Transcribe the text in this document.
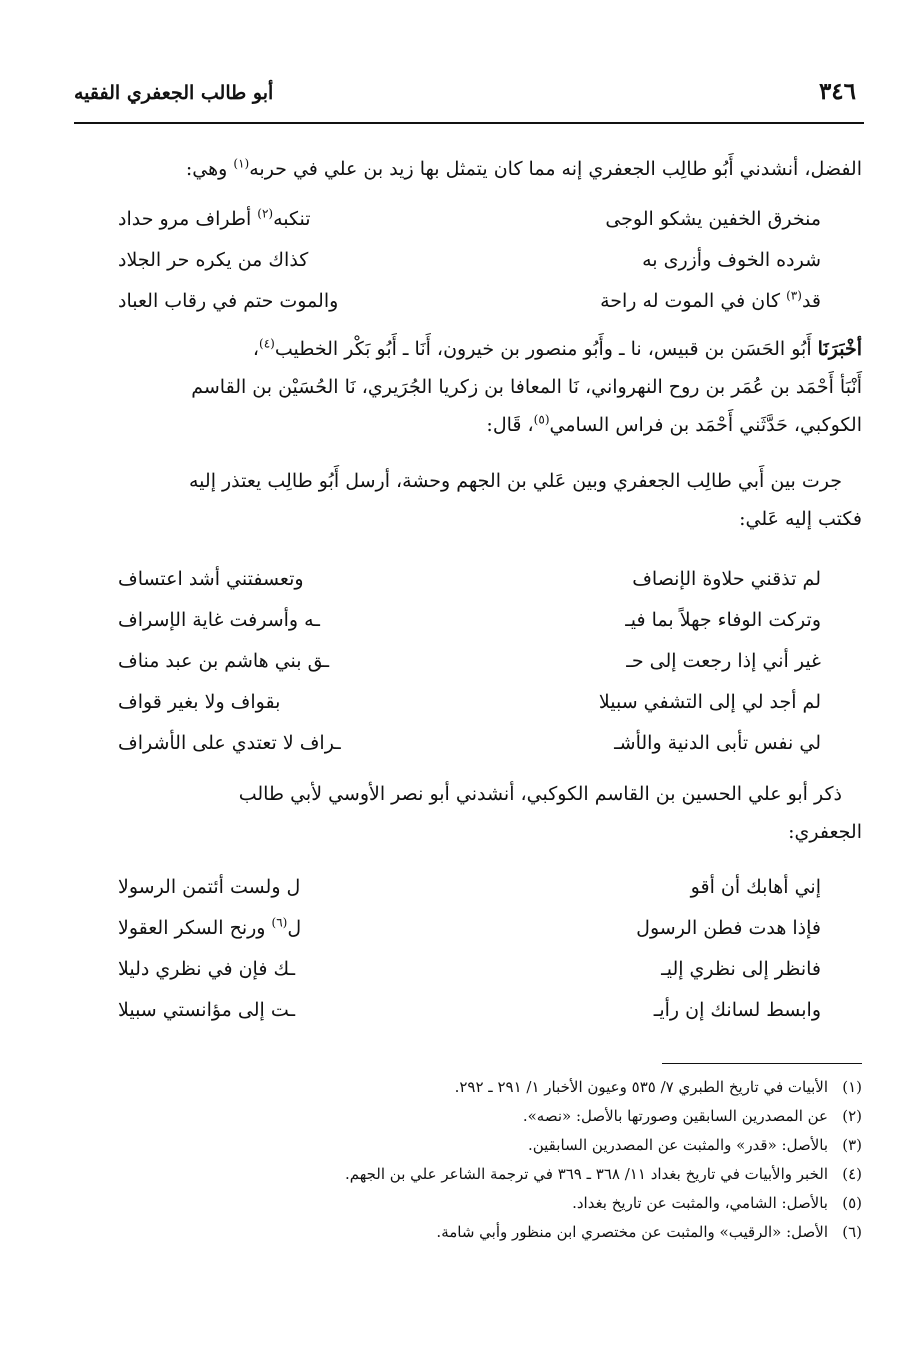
٣٤٦
أبو طالب الجعفري الفقيه

الفضل، أنشدني أَبُو طالِب الجعفري إنه مما كان يتمثل بها زيد بن علي في حربه$^{(١)}$ وهي:

منخرق الخفين يشكو الوجى
تنكبه$^{(٢)}$ أطراف مرو حداد
شرده الخوف وأزرى به
كذاك من يكره حر الجلاد
قد$^{(٣)}$ كان في الموت له راحة
والموت حتم في رقاب العباد

أخْبَرَنَا أَبُو الحَسَن بن قبيس، نا ـ وأَبُو منصور بن خيرون، أَنَا ـ أَبُو بَكْر الخطيب$^{(٤)}$،

أَنْبَأ أَحْمَد بن عُمَر بن روح النهرواني، نَا المعافا بن زكريا الجُرَيري، نَا الحُسَيْن بن القاسم

الكوكبي، حَدَّثَني أَحْمَد بن فراس السامي$^{(٥)}$، قَال:

جرت بين أَبي طالِب الجعفري وبين عَلي بن الجهم وحشة، أرسل أَبُو طالِب يعتذر إليه

فكتب إليه عَلي:

لم تذقني حلاوة الإنصاف
وتعسفتني أشد اعتساف
وتركت الوفاء جهلاً بما فيـ
ـه وأسرفت غاية الإسراف
غير أني إذا رجعت إلى حـ
ـق بني هاشم بن عبد مناف
لم أجد لي إلى التشفي سبيلا
بقواف ولا بغير قواف
لي نفس تأبى الدنية والأشـ
ـراف لا تعتدي على الأشراف

ذكر أبو علي الحسين بن القاسم الكوكبي، أنشدني أبو نصر الأوسي لأبي طالب

الجعفري:

إني أهابك أن أقو
ل ولست أئتمن الرسولا
فإذا هدت فطن الرسول
ل$^{(٦)}$ ورنح السكر العقولا
فانظر إلى نظري إليـ
ـك فإن في نظري دليلا
وابسط لسانك إن رأيـ
ـت إلى مؤانستي سبيلا
(١)الأبيات في تاريخ الطبري ٧/ ٥٣٥ وعيون الأخبار ١/ ٢٩١ ـ ٢٩٢.
(٢)عن المصدرين السابقين وصورتها بالأصل: «نصه».
(٣)بالأصل: «قدر» والمثبت عن المصدرين السابقين.
(٤)الخبر والأبيات في تاريخ بغداد ١١/ ٣٦٨ ـ ٣٦٩ في ترجمة الشاعر علي بن الجهم.
(٥)بالأصل: الشامي، والمثبت عن تاريخ بغداد.
(٦)الأصل: «الرقيب» والمثبت عن مختصري ابن منظور وأبي شامة.
